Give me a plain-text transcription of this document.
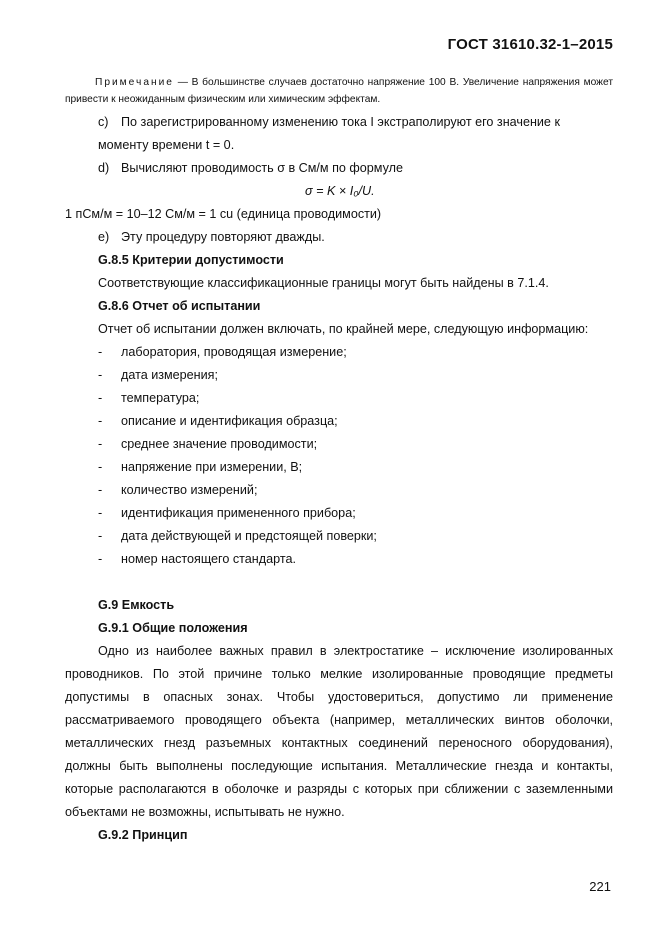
ГОСТ 31610.32-1–2015

Примечание — В большинстве случаев достаточно напряжение 100 В. Увеличение напряжения может привести к неожиданным физическим или химическим эффектам.

c) По зарегистрированному изменению тока I экстраполируют его значение к моменту времени t = 0.

d) Вычисляют проводимость σ в См/м по формуле

σ = K × I₀/U.

1 пСм/м = 10–12 См/м = 1 cu (единица проводимости)

e) Эту процедуру повторяют дважды.

G.8.5 Критерии допустимости

Соответствующие классификационные границы могут быть найдены в 7.1.4.

G.8.6 Отчет об испытании

Отчет об испытании должен включать, по крайней мере, следующую информацию:

- лаборатория, проводящая измерение;
- дата измерения;
- температура;
- описание и идентификация образца;
- среднее значение проводимости;
- напряжение при измерении, В;
- количество измерений;
- идентификация примененного прибора;
- дата действующей и предстоящей поверки;
- номер настоящего стандарта.

G.9 Емкость

G.9.1 Общие положения

Одно из наиболее важных правил в электростатике – исключение изолированных проводников. По этой причине только мелкие изолированные проводящие предметы допустимы в опасных зонах. Чтобы удостовериться, допустимо ли применение рассматриваемого проводящего объекта (например, металлических винтов оболочки, металлических гнезд разъемных контактных соединений переносного оборудования), должны быть выполнены последующие испытания. Металлические гнезда и контакты, которые располагаются в оболочке и разряды с которых при сближении с заземленными объектами не возможны, испытывать не нужно.

G.9.2 Принцип

221
